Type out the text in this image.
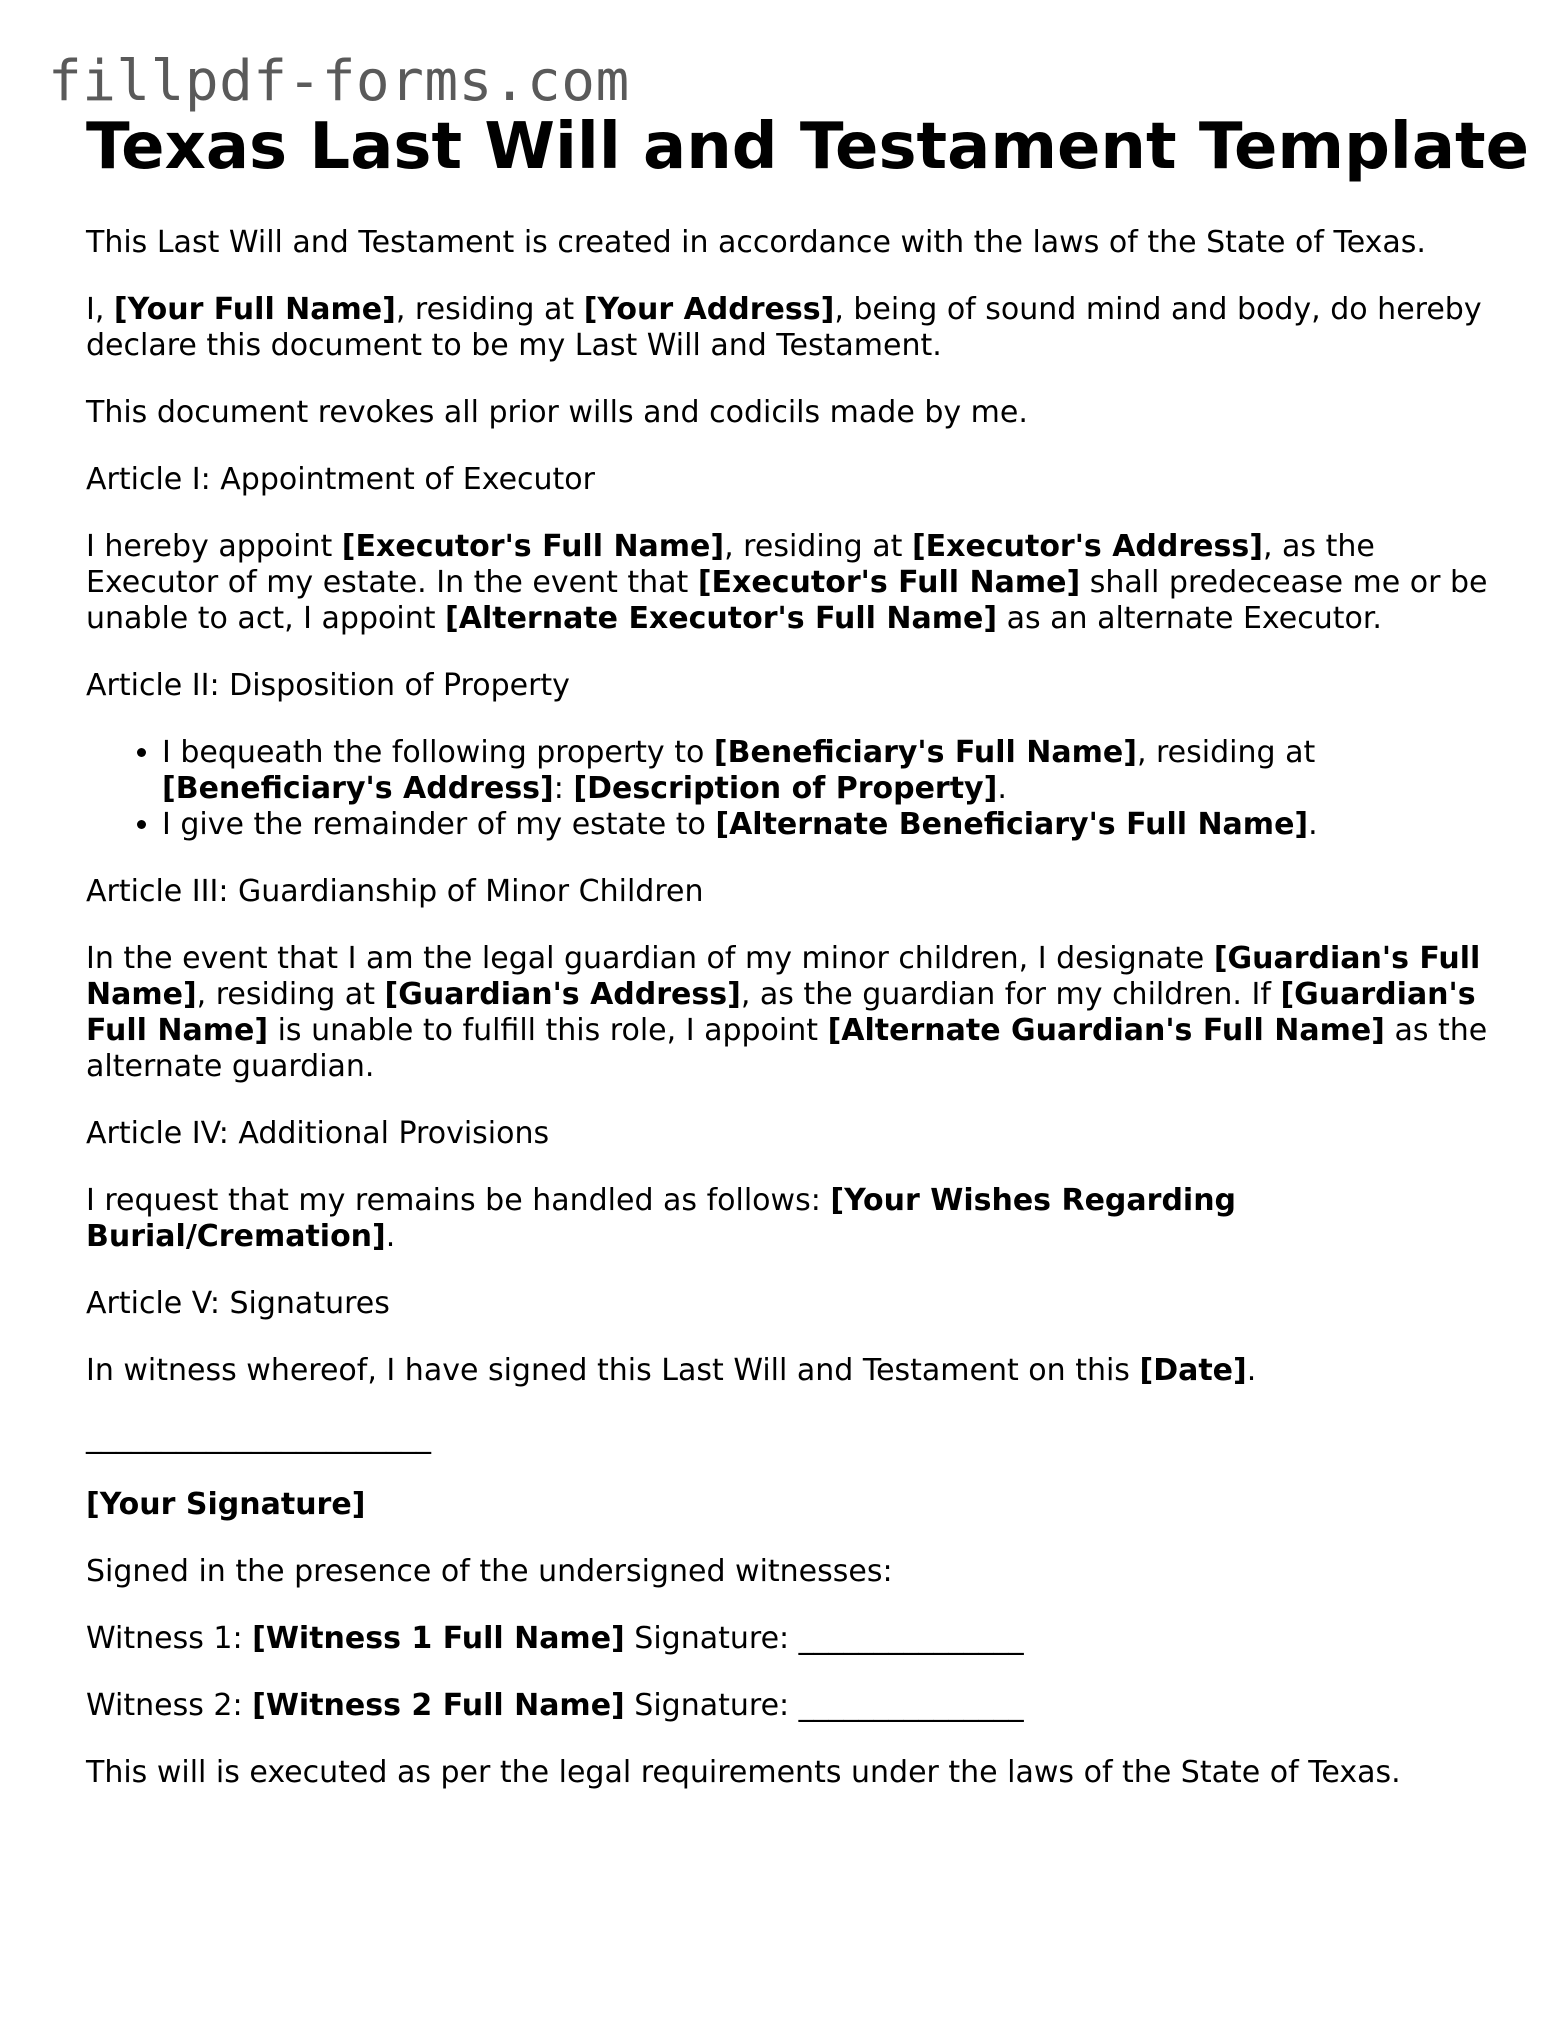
fillpdf-forms.com
Texas Last Will and Testament Template

This Last Will and Testament is created in accordance with the laws of the State of Texas.

I, [Your Full Name], residing at [Your Address], being of sound mind and body, do hereby declare this document to be my Last Will and Testament.

This document revokes all prior wills and codicils made by me.

Article I: Appointment of Executor

I hereby appoint [Executor's Full Name], residing at [Executor's Address], as the Executor of my estate. In the event that [Executor's Full Name] shall predecease me or be unable to act, I appoint [Alternate Executor's Full Name] as an alternate Executor.

Article II: Disposition of Property

• I bequeath the following property to [Beneficiary's Full Name], residing at [Beneficiary's Address]: [Description of Property].
• I give the remainder of my estate to [Alternate Beneficiary's Full Name].

Article III: Guardianship of Minor Children

In the event that I am the legal guardian of my minor children, I designate [Guardian's Full Name], residing at [Guardian's Address], as the guardian for my children. If [Guardian's Full Name] is unable to fulfill this role, I appoint [Alternate Guardian's Full Name] as the alternate guardian.

Article IV: Additional Provisions

I request that my remains be handled as follows: [Your Wishes Regarding Burial/Cremation].

Article V: Signatures

In witness whereof, I have signed this Last Will and Testament on this [Date].

_______________________

[Your Signature]

Signed in the presence of the undersigned witnesses:

Witness 1: [Witness 1 Full Name] Signature: _______________

Witness 2: [Witness 2 Full Name] Signature: _______________

This will is executed as per the legal requirements under the laws of the State of Texas.
